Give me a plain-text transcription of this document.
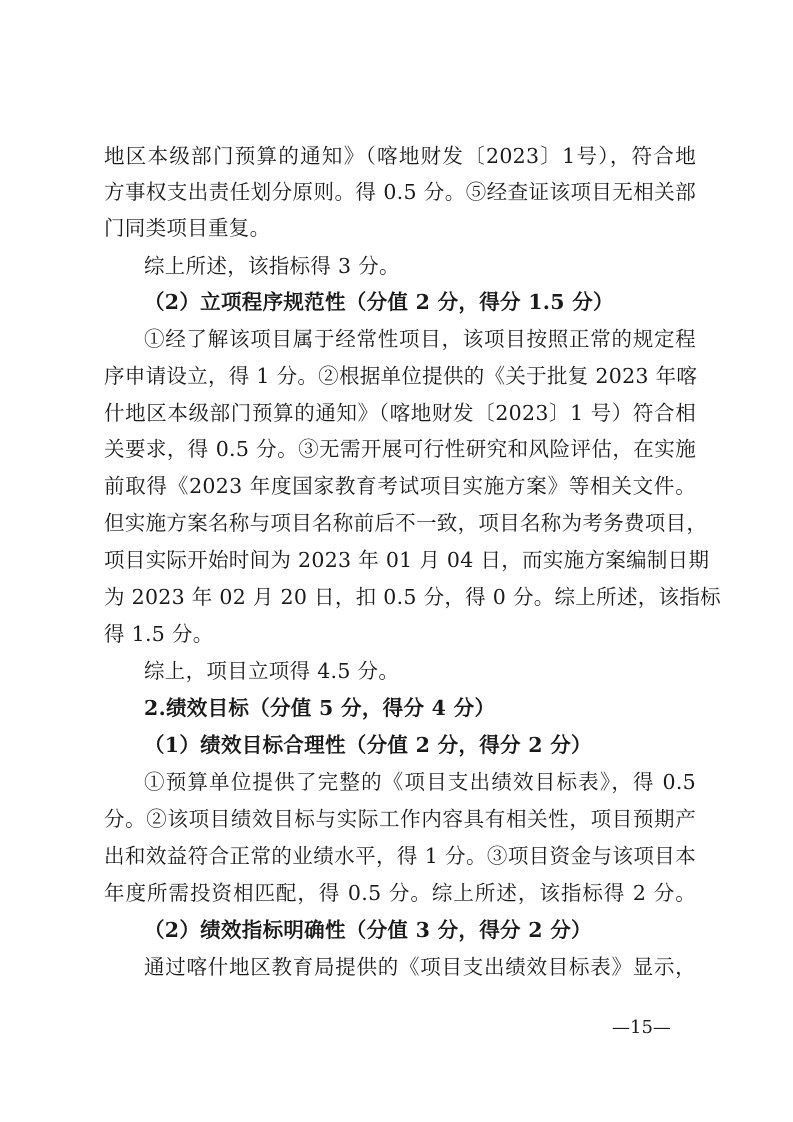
地区本级部门预算的通知》（喀地财发〔2023〕1号），符合地
方事权支出责任划分原则。得 0.5 分。⑤经查证该项目无相关部
门同类项目重复。
综上所述，该指标得 3 分。
（2）立项程序规范性（分值 2 分，得分 1.5 分）
①经了解该项目属于经常性项目，该项目按照正常的规定程
序申请设立，得 1 分。②根据单位提供的《关于批复 2023 年喀
什地区本级部门预算的通知》（喀地财发〔2023〕1 号）符合相
关要求，得 0.5 分。③无需开展可行性研究和风险评估，在实施
前取得《2023 年度国家教育考试项目实施方案》等相关文件。
但实施方案名称与项目名称前后不一致，项目名称为考务费项目，
项目实际开始时间为 2023 年 01 月 04 日，而实施方案编制日期
为 2023 年 02 月 20 日，扣 0.5 分，得 0 分。综上所述，该指标
得 1.5 分。
综上，项目立项得 4.5 分。
2.绩效目标（分值 5 分，得分 4 分）
（1）绩效目标合理性（分值 2 分，得分 2 分）
①预算单位提供了完整的《项目支出绩效目标表》，得 0.5
分。②该项目绩效目标与实际工作内容具有相关性，项目预期产
出和效益符合正常的业绩水平，得 1 分。③项目资金与该项目本
年度所需投资相匹配，得 0.5 分。综上所述，该指标得 2 分。
（2）绩效指标明确性（分值 3 分，得分 2 分）
通过喀什地区教育局提供的《项目支出绩效目标表》显示，
—15—
